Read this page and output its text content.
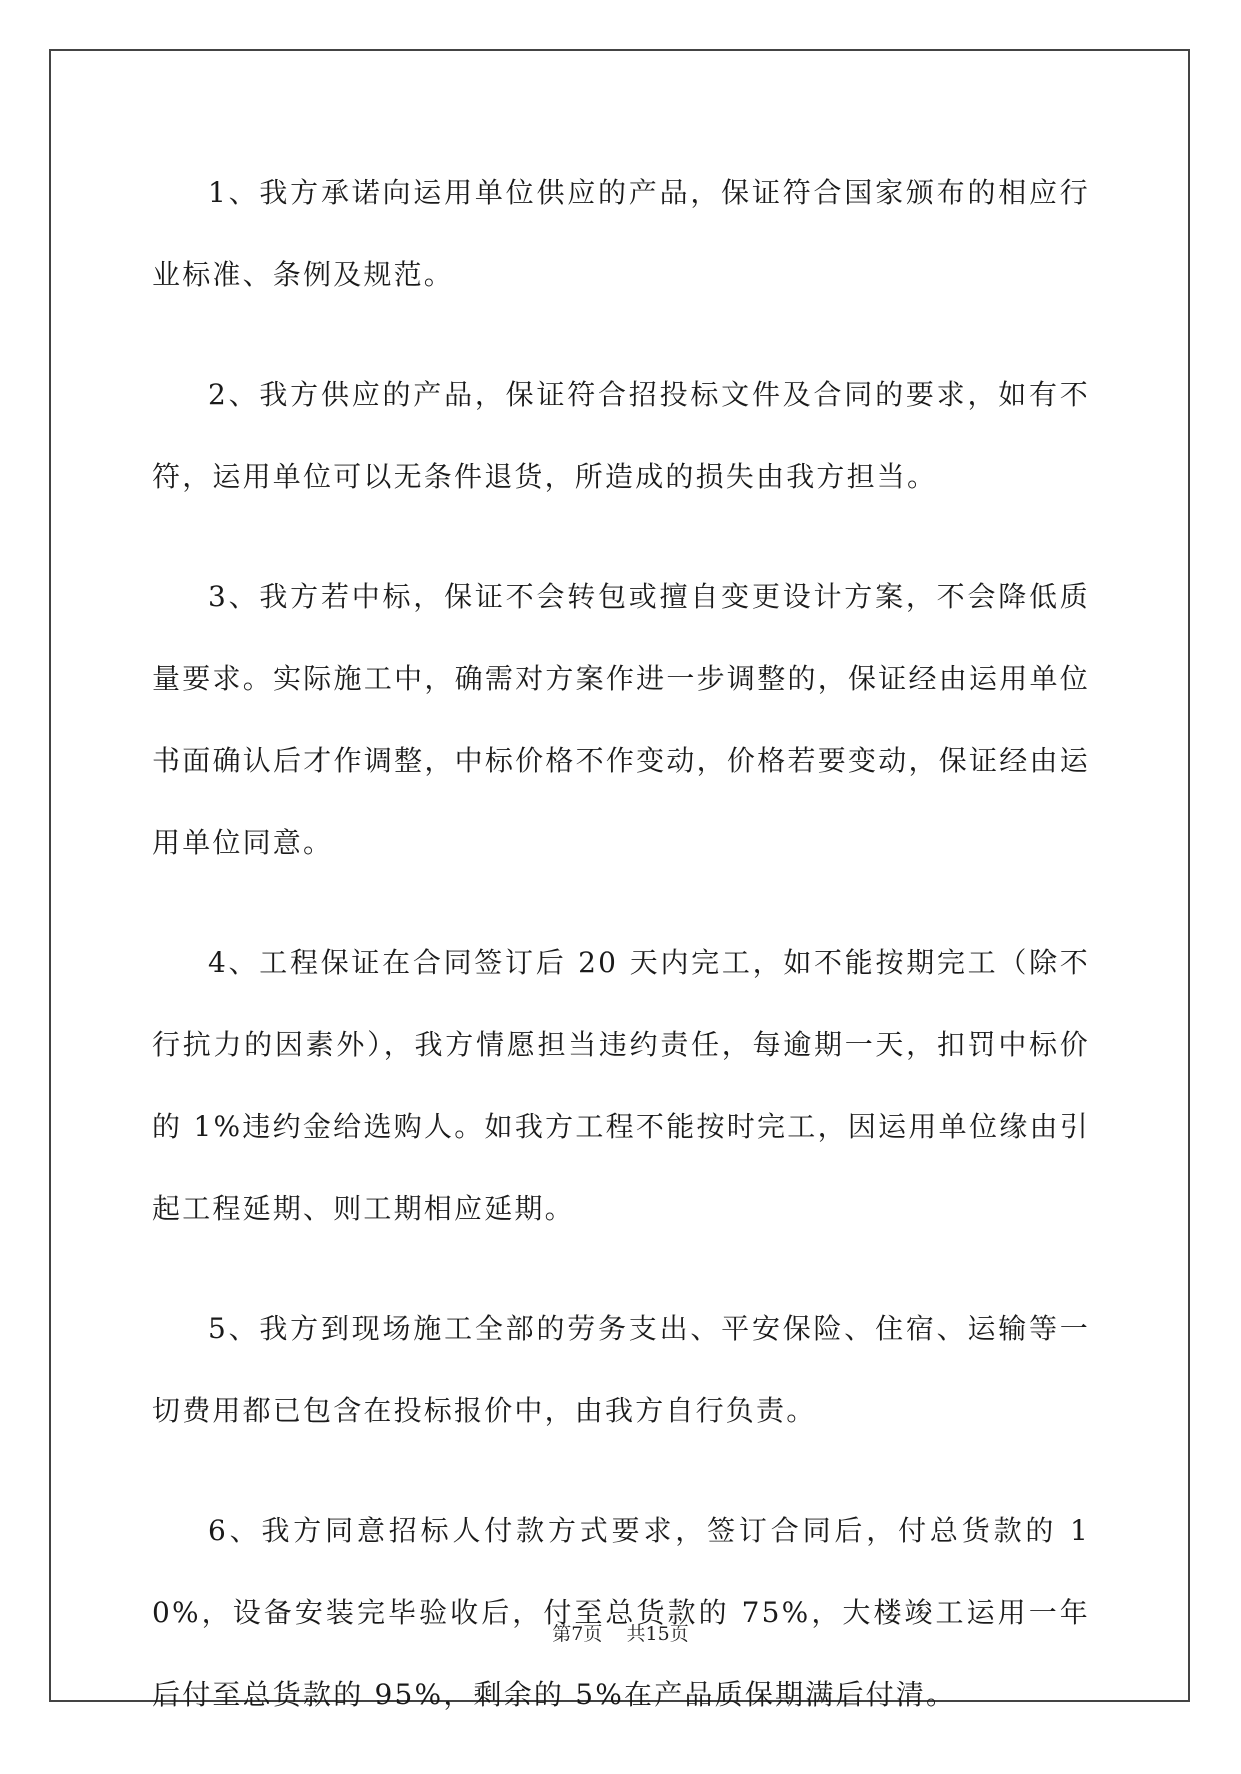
1、我方承诺向运用单位供应的产品，保证符合国家颁布的相应行业标准、条例及规范。

2、我方供应的产品，保证符合招投标文件及合同的要求，如有不符，运用单位可以无条件退货，所造成的损失由我方担当。

3、我方若中标，保证不会转包或擅自变更设计方案，不会降低质量要求。实际施工中，确需对方案作进一步调整的，保证经由运用单位书面确认后才作调整，中标价格不作变动，价格若要变动，保证经由运用单位同意。

4、工程保证在合同签订后 20 天内完工，如不能按期完工（除不行抗力的因素外），我方情愿担当违约责任，每逾期一天，扣罚中标价的 1%违约金给选购人。如我方工程不能按时完工，因运用单位缘由引起工程延期、则工期相应延期。

5、我方到现场施工全部的劳务支出、平安保险、住宿、运输等一切费用都已包含在投标报价中，由我方自行负责。

6、我方同意招标人付款方式要求，签订合同后，付总货款的 10%，设备安装完毕验收后，付至总货款的 75%，大楼竣工运用一年后付至总货款的 95%，剩余的 5%在产品质保期满后付清。

第7页 共15页
